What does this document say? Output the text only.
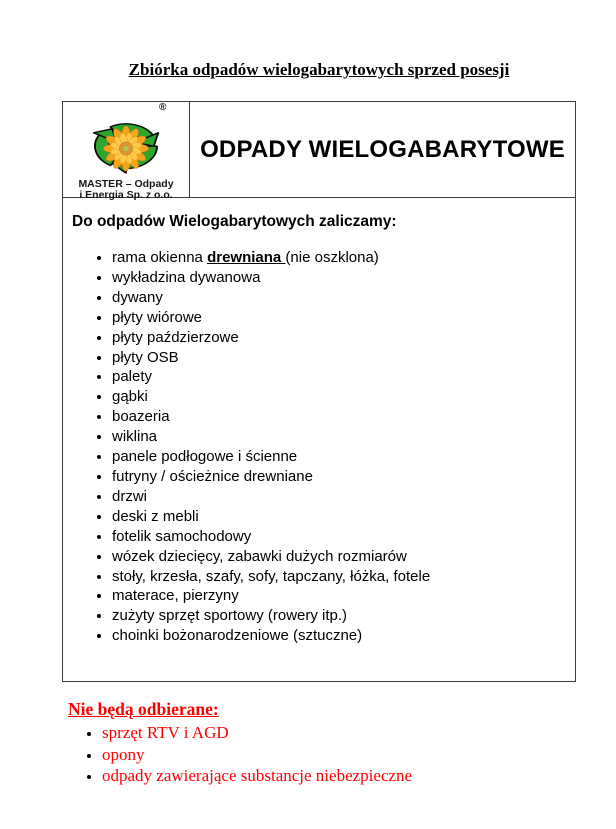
Zbiórka odpadów wielogabarytowych sprzed posesji
®
MASTER – Odpady
i Energia Sp. z o.o.
ODPADY WIELOGABARYTOWE
Do odpadów Wielogabarytowych zaliczamy:
• rama okienna drewniana (nie oszklona)
• wykładzina dywanowa
• dywany
• płyty wiórowe
• płyty paździerzowe
• płyty OSB
• palety
• gąbki
• boazeria
• wiklina
• panele podłogowe i ścienne
• futryny / ościeżnice drewniane
• drzwi
• deski z mebli
• fotelik samochodowy
• wózek dziecięcy, zabawki dużych rozmiarów
• stoły, krzesła, szafy, sofy, tapczany, łóżka, fotele
• materace, pierzyny
• zużyty sprzęt sportowy (rowery itp.)
• choinki bożonarodzeniowe (sztuczne)
Nie będą odbierane:
• sprzęt RTV i AGD
• opony
• odpady zawierające substancje niebezpieczne
